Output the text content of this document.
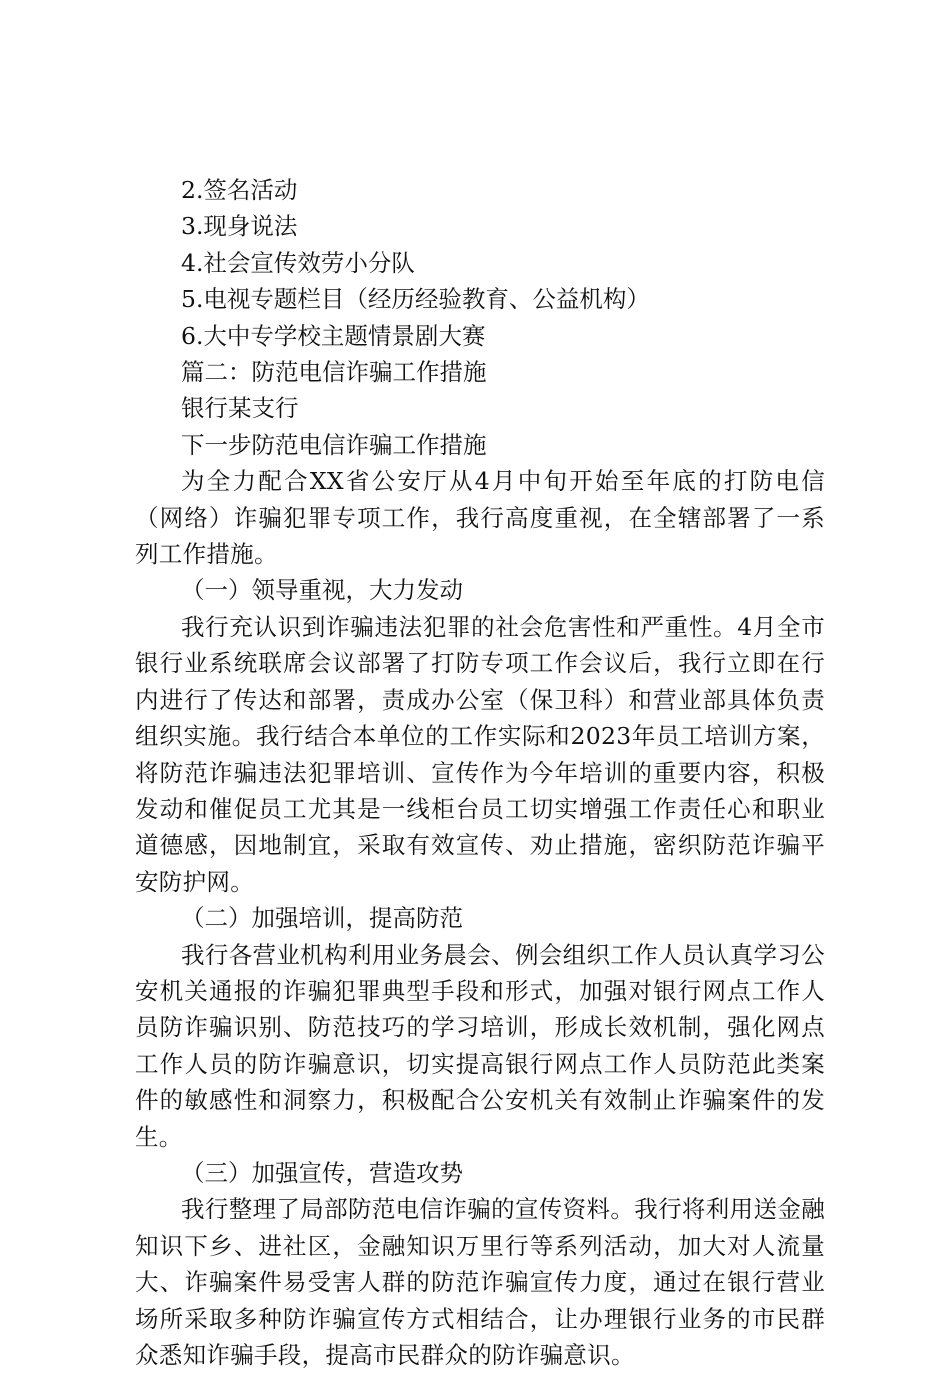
2.签名活动

3.现身说法

4.社会宣传效劳小分队

5.电视专题栏目（经历经验教育、公益机构）

6.大中专学校主题情景剧大赛

篇二：防范电信诈骗工作措施

银行某支行

下一步防范电信诈骗工作措施

为全力配合XX省公安厅从4月中旬开始至年底的打防电信（网络）诈骗犯罪专项工作，我行高度重视，在全辖部署了一系列工作措施。

（一）领导重视，大力发动

我行充认识到诈骗违法犯罪的社会危害性和严重性。4月全市银行业系统联席会议部署了打防专项工作会议后，我行立即在行内进行了传达和部署，责成办公室（保卫科）和营业部具体负责组织实施。我行结合本单位的工作实际和2023年员工培训方案，将防范诈骗违法犯罪培训、宣传作为今年培训的重要内容，积极发动和催促员工尤其是一线柜台员工切实增强工作责任心和职业道德感，因地制宜，采取有效宣传、劝止措施，密织防范诈骗平安防护网。

（二）加强培训，提高防范

我行各营业机构利用业务晨会、例会组织工作人员认真学习公安机关通报的诈骗犯罪典型手段和形式，加强对银行网点工作人员防诈骗识别、防范技巧的学习培训，形成长效机制，强化网点工作人员的防诈骗意识，切实提高银行网点工作人员防范此类案件的敏感性和洞察力，积极配合公安机关有效制止诈骗案件的发生。

（三）加强宣传，营造攻势

我行整理了局部防范电信诈骗的宣传资料。我行将利用送金融知识下乡、进社区，金融知识万里行等系列活动，加大对人流量大、诈骗案件易受害人群的防范诈骗宣传力度，通过在银行营业场所采取多种防诈骗宣传方式相结合，让办理银行业务的市民群众悉知诈骗手段，提高市民群众的防诈骗意识。
